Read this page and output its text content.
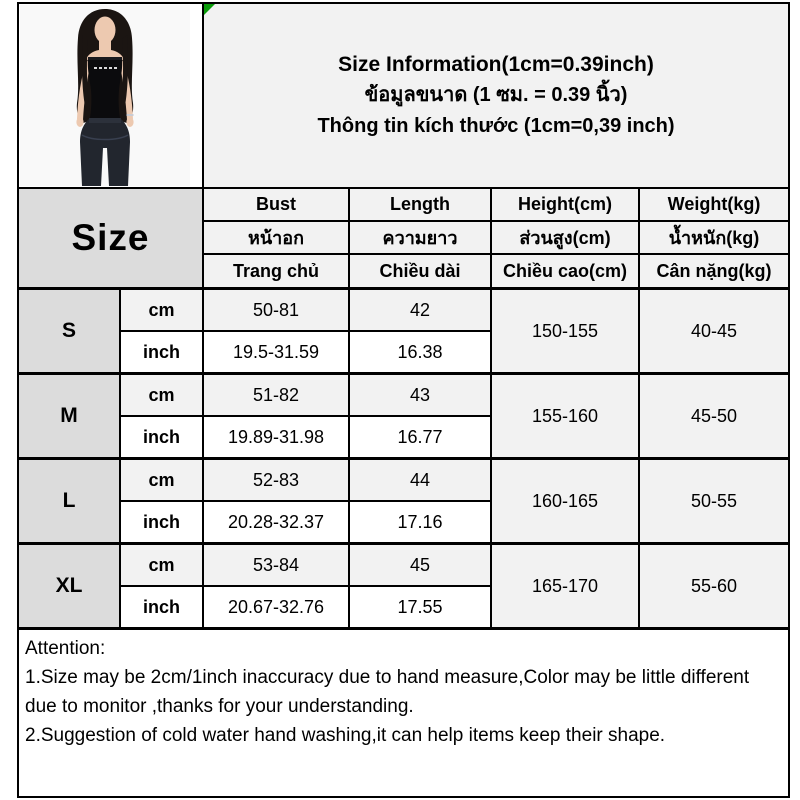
Size Information(1cm=0.39inch)
ข้อมูลขนาด (1 ซม. = 0.39 นิ้ว)
Thông tin kích thước (1cm=0,39 inch)			

Size		Bust	Length	Height(cm)	Weight(kg)
		หน้าอก	ความยาว	ส่วนสูง(cm)	น้ำหนัก(kg)
		Trang chủ	Chiều dài	Chiều cao(cm)	Cân nặng(kg)
S	cm	50-81	42	150-155	40-45
	inch	19.5-31.59	16.38		
M	cm	51-82	43	155-160	45-50
	inch	19.89-31.98	16.77		
L	cm	52-83	44	160-165	50-55
	inch	20.28-32.37	17.16		
XL	cm	53-84	45	165-170	55-60
	inch	20.67-32.76	17.55		

Attention:
1.Size may be 2cm/1inch inaccuracy due to hand measure,Color may be little different due to monitor ,thanks for your understanding.
2.Suggestion of cold water hand washing,it can help items keep their shape.					
